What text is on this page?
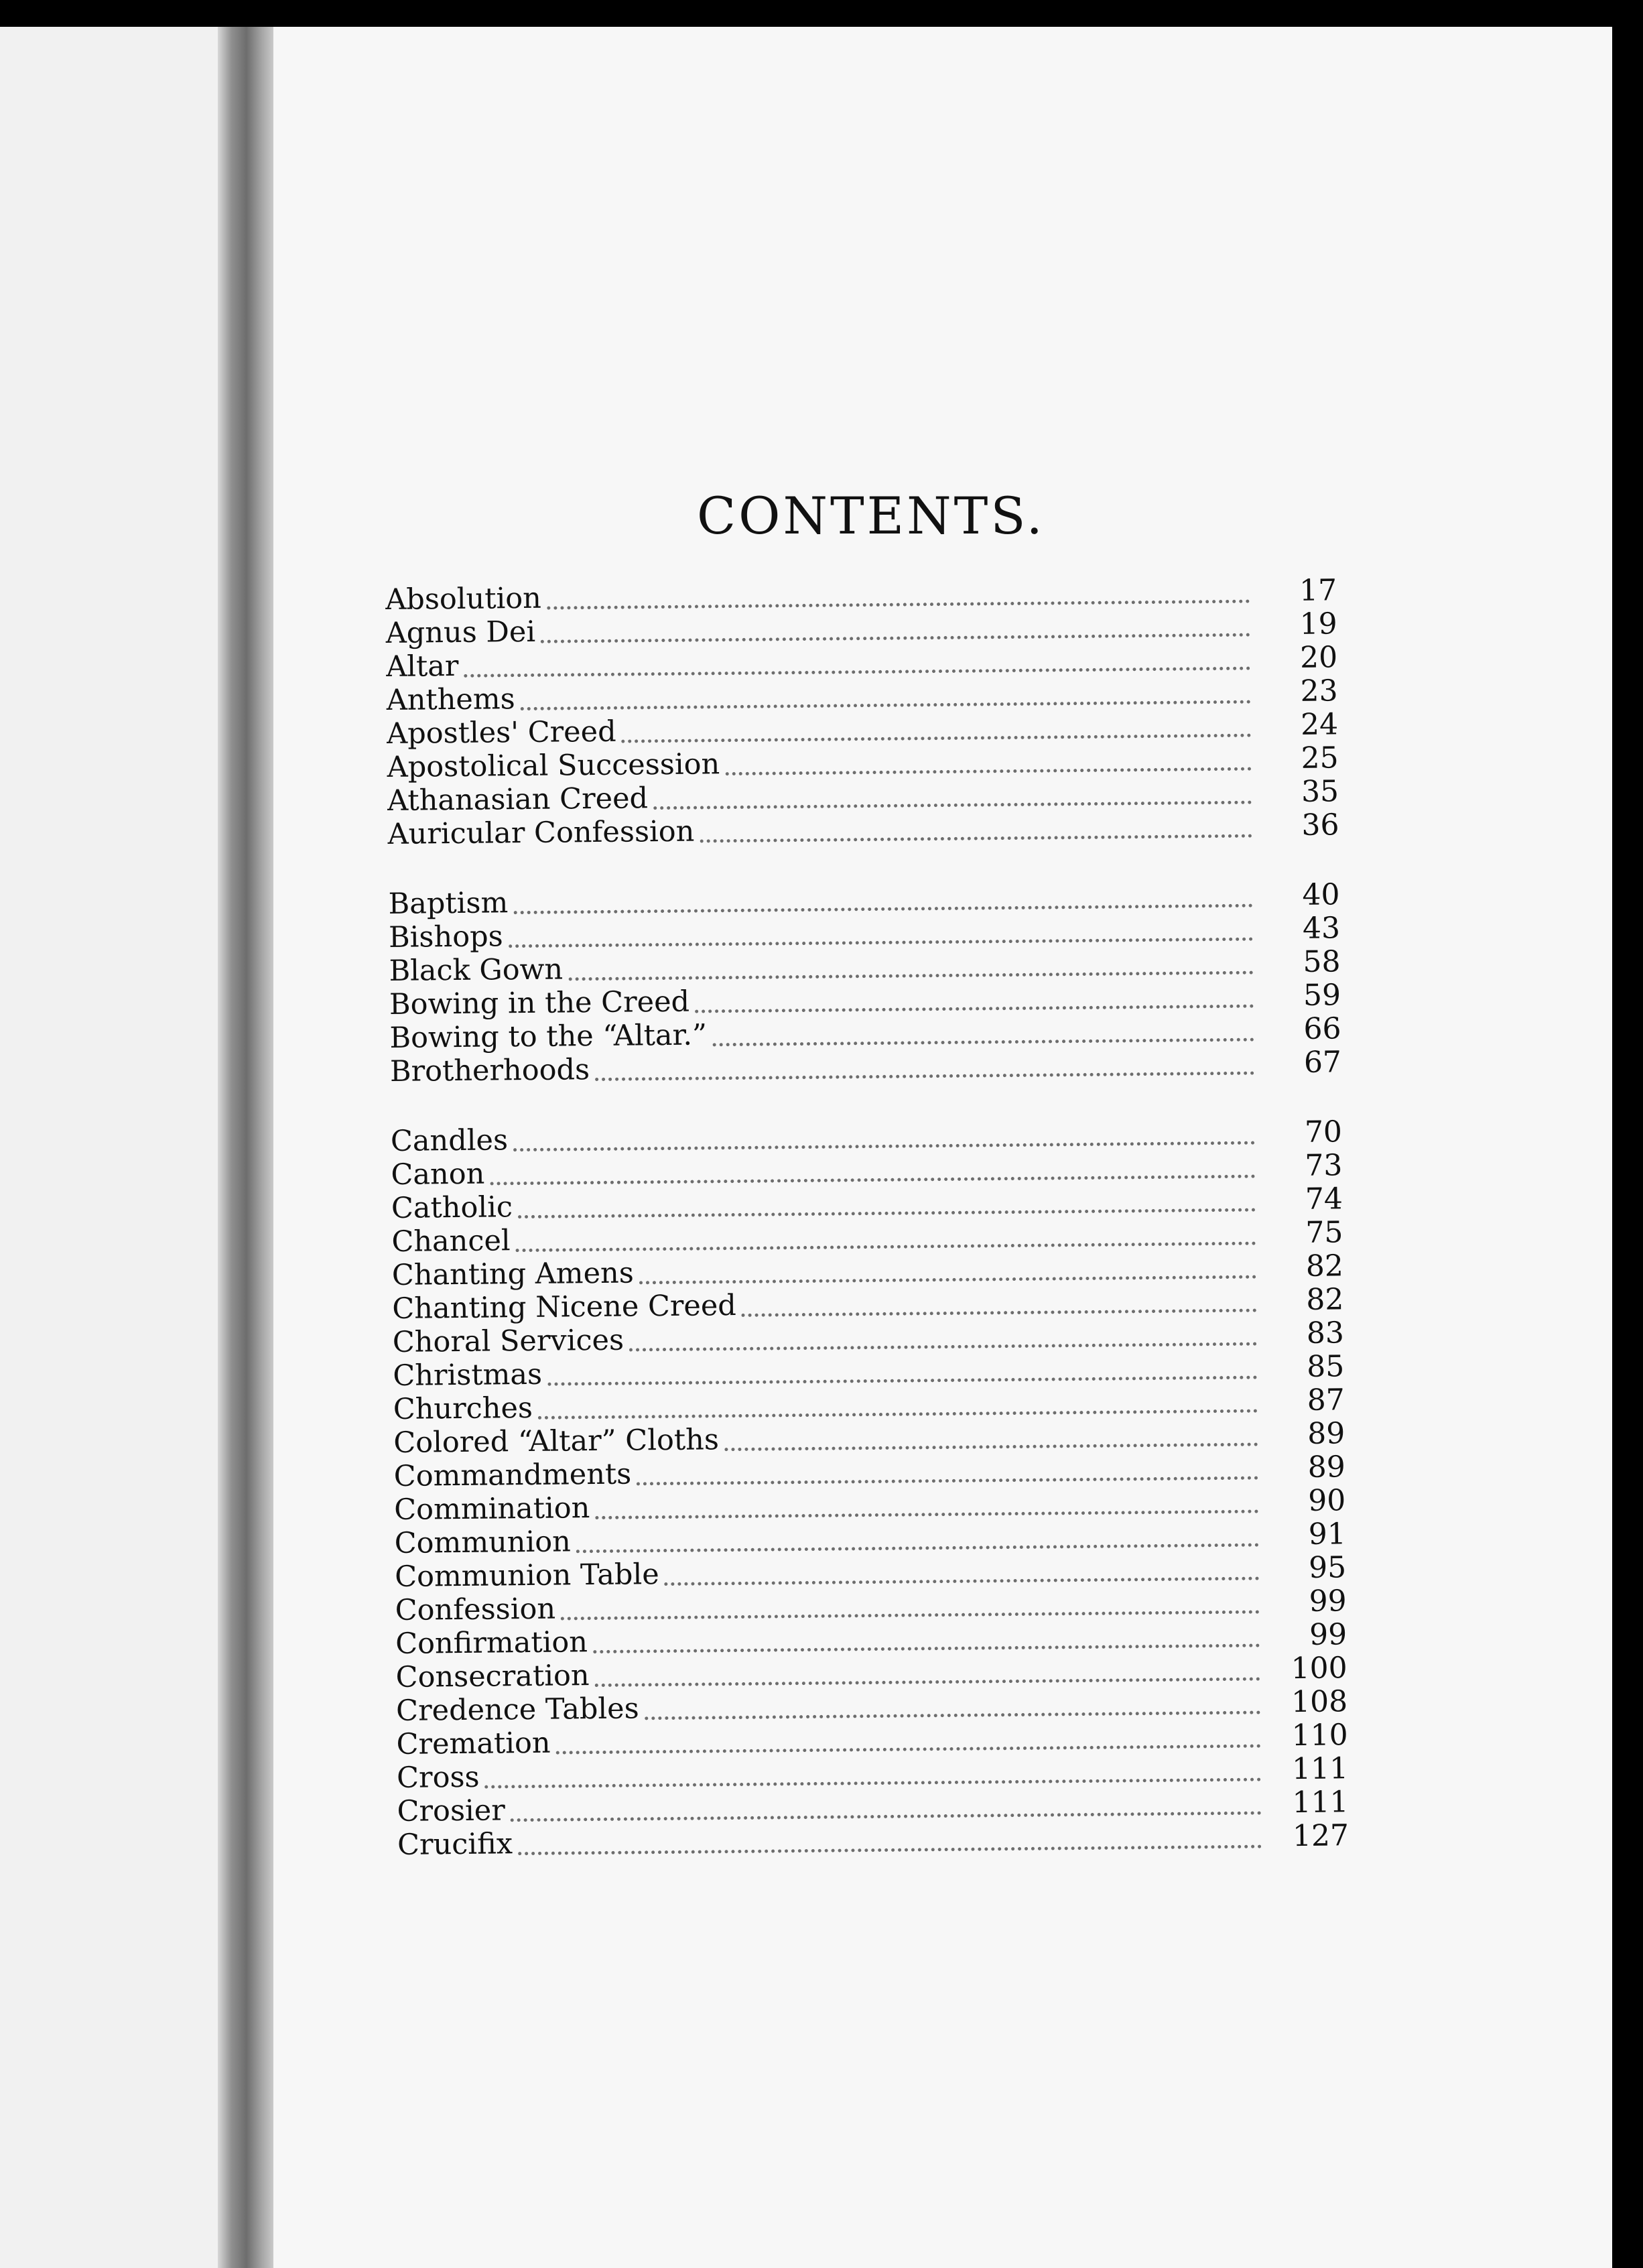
CONTENTS.
Absolution	17
Agnus Dei	19
Altar	20
Anthems	23
Apostles' Creed	24
Apostolical Succession	25
Athanasian Creed	35
Auricular Confession	36
Baptism	40
Bishops	43
Black Gown	58
Bowing in the Creed	59
Bowing to the “Altar.”	66
Brotherhoods	67
Candles	70
Canon	73
Catholic	74
Chancel	75
Chanting Amens	82
Chanting Nicene Creed	82
Choral Services	83
Christmas	85
Churches	87
Colored “Altar” Cloths	89
Commandments	89
Commination	90
Communion	91
Communion Table	95
Confession	99
Confirmation	99
Consecration	100
Credence Tables	108
Cremation	110
Cross	111
Crosier	111
Crucifix	127
